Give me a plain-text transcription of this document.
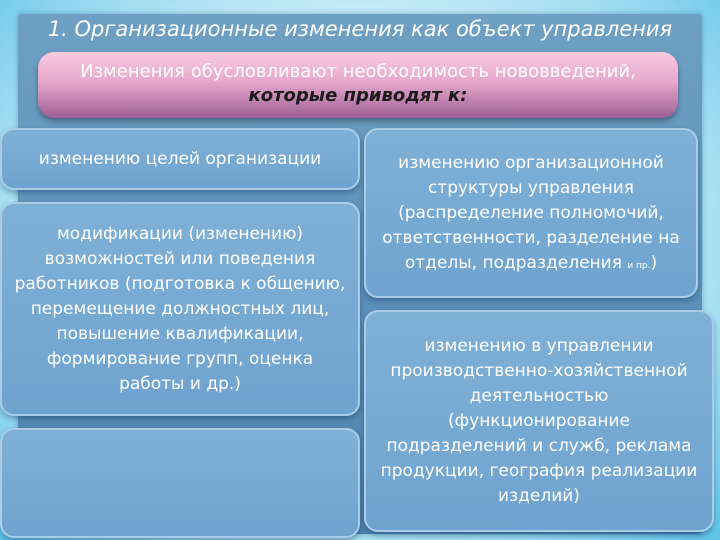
1. Организационные изменения как объект управления
Изменения обусловливают необходимость нововведений,
которые приводят к:
изменению целей организации
модификации (изменению) возможностей или поведения работников (подготовка к общению, перемещение должностных лиц, повышение квалификации, формирование групп, оценка работы и др.)
изменению организационной структуры управления (распределение полномочий, ответственности, разделение на отделы, подразделения и пр.)
изменению в управлении производственно-хозяйственной деятельностью (функционирование подразделений и служб, реклама продукции, география реализации изделий)
